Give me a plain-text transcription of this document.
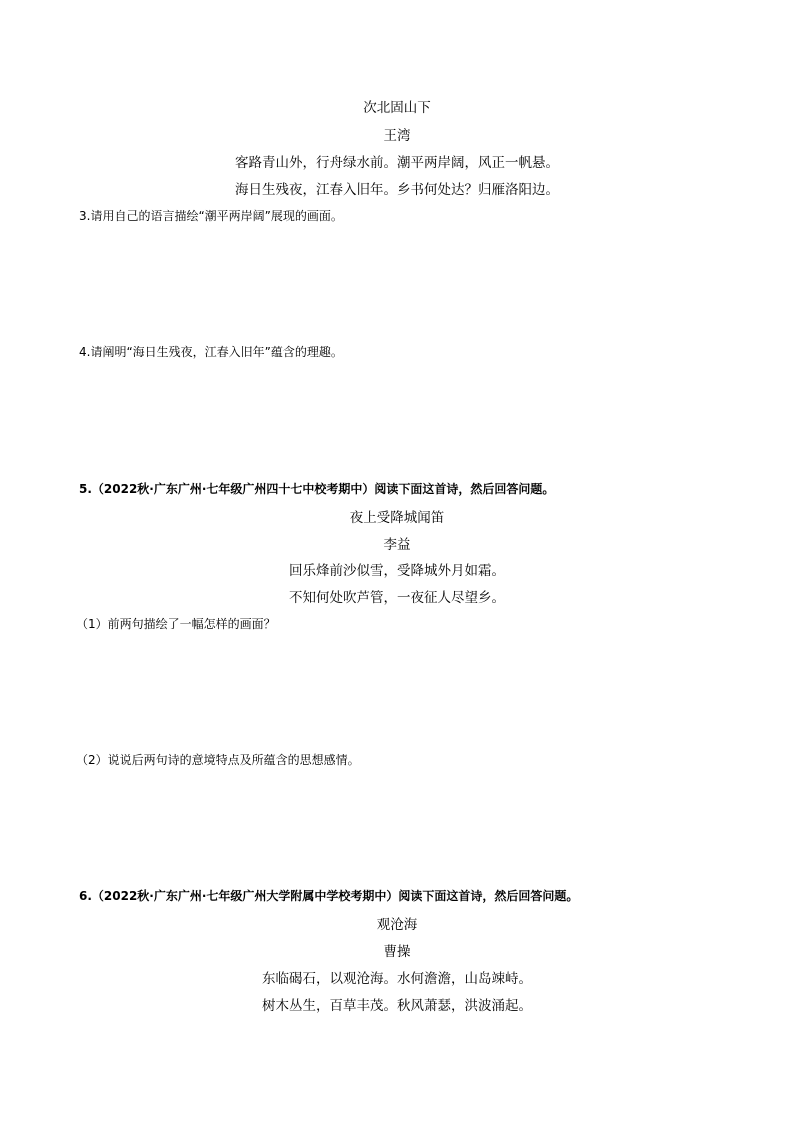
次北固山下
王湾
客路青山外，行舟绿水前。潮平两岸阔，风正一帆悬。
海日生残夜，江春入旧年。乡书何处达？归雁洛阳边。
3.请用自己的语言描绘“潮平两岸阔”展现的画面。
4.请阐明“海日生残夜，江春入旧年”蕴含的理趣。
5.（2022秋·广东广州·七年级广州四十七中校考期中）阅读下面这首诗，然后回答问题。
夜上受降城闻笛
李益
回乐烽前沙似雪，受降城外月如霜。
不知何处吹芦管，一夜征人尽望乡。
（1）前两句描绘了一幅怎样的画面？
（2）说说后两句诗的意境特点及所蕴含的思想感情。
6.（2022秋·广东广州·七年级广州大学附属中学校考期中）阅读下面这首诗，然后回答问题。
观沧海
曹操
东临碣石，以观沧海。水何澹澹，山岛竦峙。
树木丛生，百草丰茂。秋风萧瑟，洪波涌起。
